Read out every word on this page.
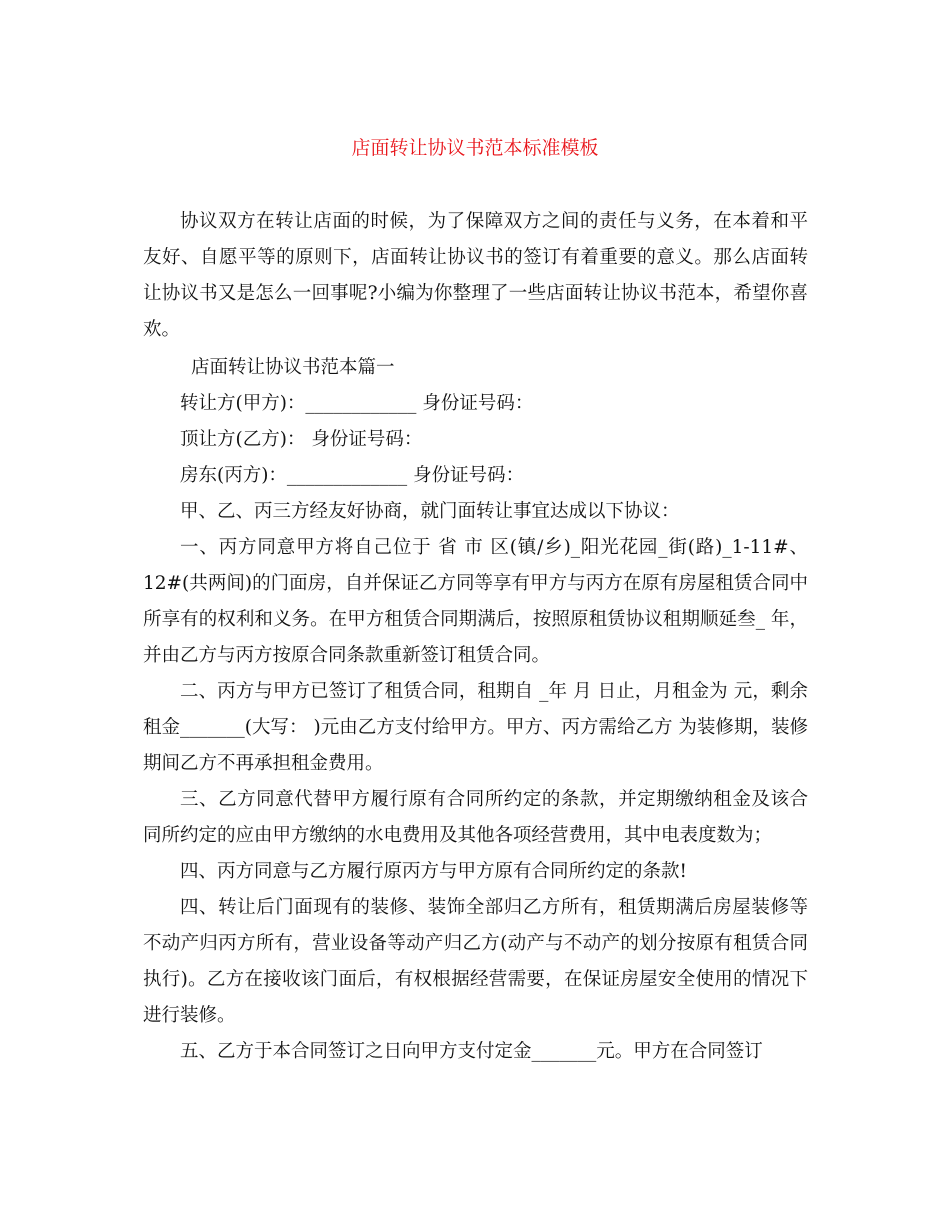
店面转让协议书范本标准模板

协议双方在转让店面的时候，为了保障双方之间的责任与义务，在本着和平友好、自愿平等的原则下，店面转让协议书的签订有着重要的意义。那么店面转让协议书又是怎么一回事呢?小编为你整理了一些店面转让协议书范本，希望你喜欢。

店面转让协议书范本篇一

转让方(甲方)：____________ 身份证号码：

顶让方(乙方)： 身份证号码：

房东(丙方)：_____________ 身份证号码：

甲、乙、丙三方经友好协商，就门面转让事宜达成以下协议：

一、丙方同意甲方将自己位于 省 市 区(镇/乡)_阳光花园_街(路)_1-11#、12#(共两间)的门面房，自并保证乙方同等享有甲方与丙方在原有房屋租赁合同中所享有的权利和义务。在甲方租赁合同期满后，按照原租赁协议租期顺延叁_ 年，并由乙方与丙方按原合同条款重新签订租赁合同。

二、丙方与甲方已签订了租赁合同，租期自 _年 月 日止，月租金为 元，剩余租金_______(大写： )元由乙方支付给甲方。甲方、丙方需给乙方 为装修期，装修期间乙方不再承担租金费用。

三、乙方同意代替甲方履行原有合同所约定的条款，并定期缴纳租金及该合同所约定的应由甲方缴纳的水电费用及其他各项经营费用，其中电表度数为；

四、丙方同意与乙方履行原丙方与甲方原有合同所约定的条款!

四、转让后门面现有的装修、装饰全部归乙方所有，租赁期满后房屋装修等不动产归丙方所有，营业设备等动产归乙方(动产与不动产的划分按原有租赁合同执行)。乙方在接收该门面后，有权根据经营需要，在保证房屋安全使用的情况下进行装修。

五、乙方于本合同签订之日向甲方支付定金_______元。甲方在合同签订
